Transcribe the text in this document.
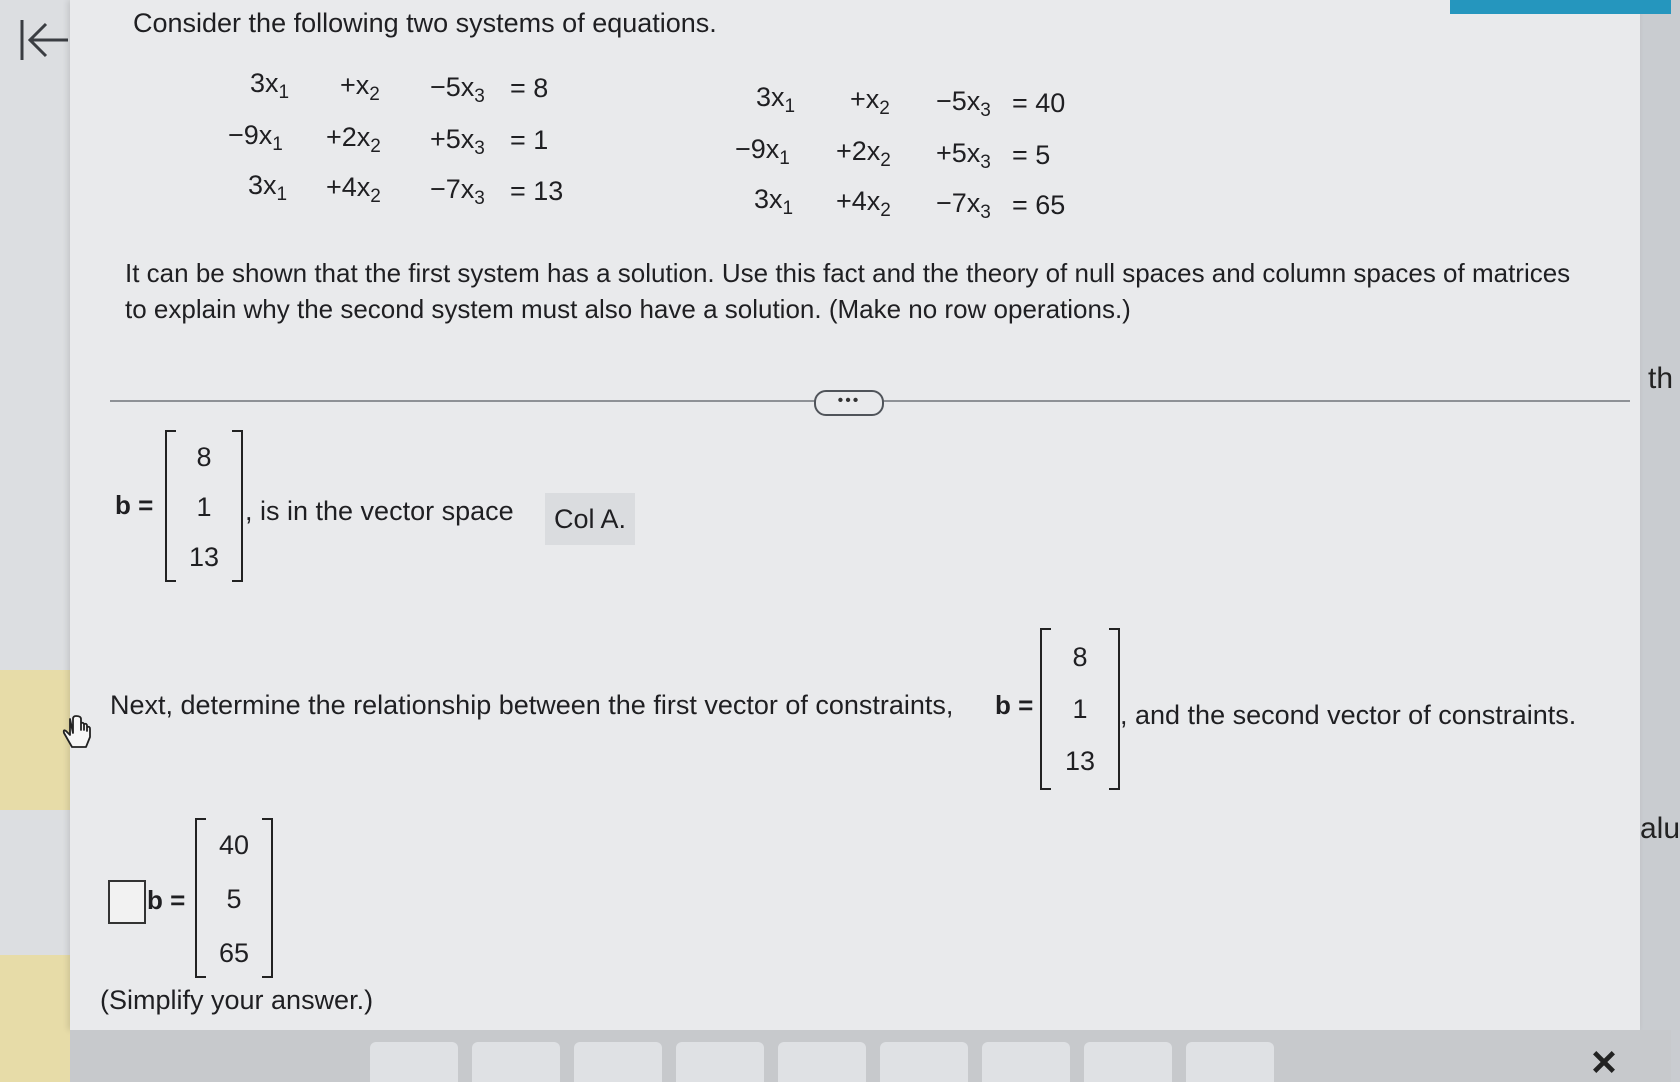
Consider the following two systems of equations.
$3x_1 +x_2 -5x_3 = 8$
$-9x_1 +2x_2 +5x_3 = 1$
$3x_1 +4x_2 -7x_3 = 13$
$3x_1 +x_2 -5x_3 = 40$
$-9x_1 +2x_2 +5x_3 = 5$
$3x_1 +4x_2 -7x_3 = 65$

It can be shown that the first system has a solution. Use this fact and the theory of null spaces and column spaces of matrices to explain why the second system must also have a solution. (Make no row operations.)

•••
b =
8
1
13
, is in the vector space	Col A.
Next, determine the relationship between the first vector of constraints, b =
8
1
13
, and the second vector of constraints.
b =
40
5
65
(Simplify your answer.)
th
alu
